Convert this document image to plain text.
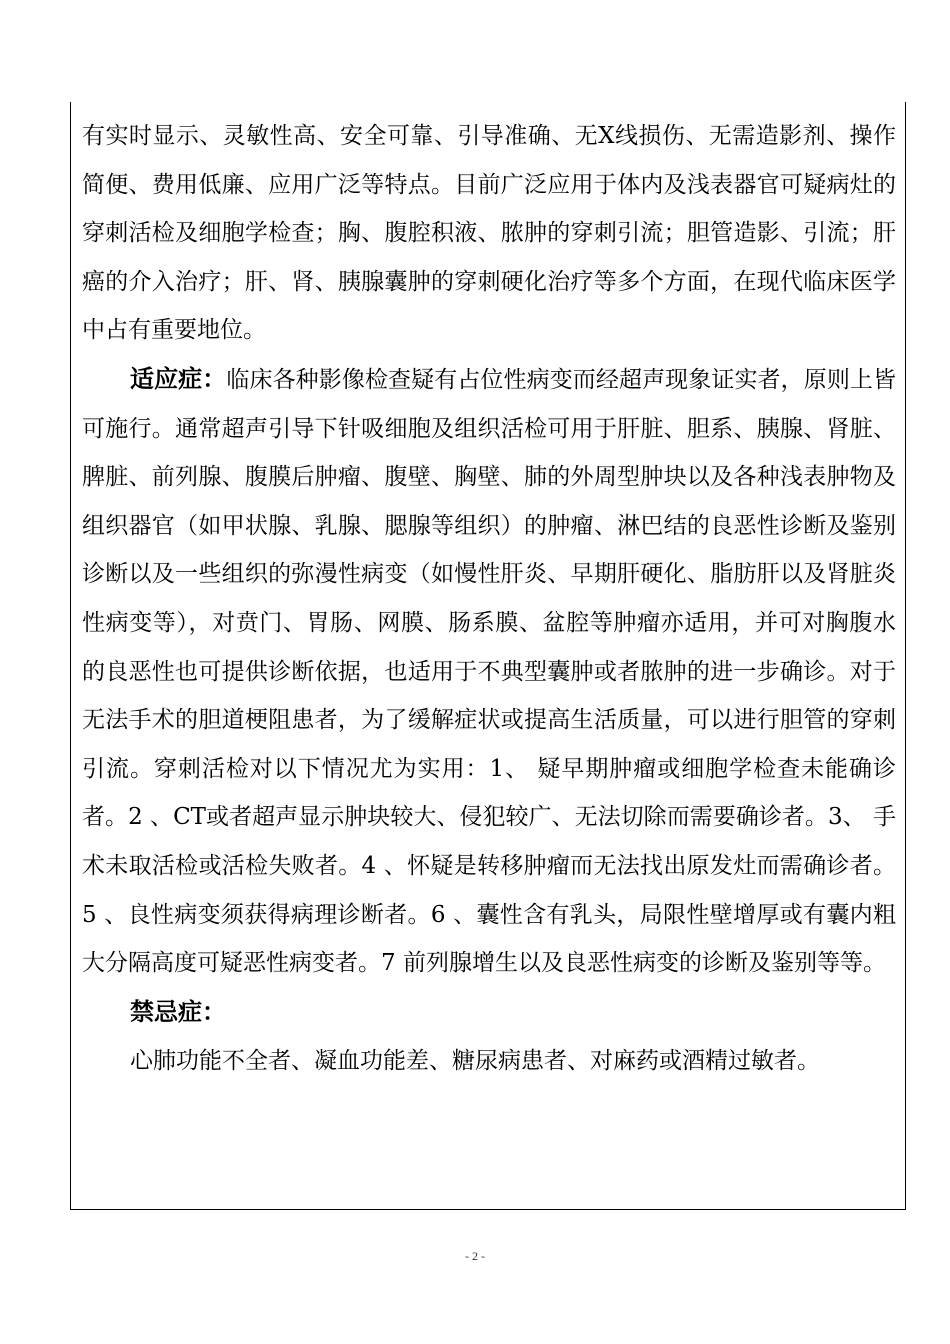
有实时显示、灵敏性高、安全可靠、引导准确、无X线损伤、无需造影剂、操作简便、费用低廉、应用广泛等特点。目前广泛应用于体内及浅表器官可疑病灶的穿刺活检及细胞学检查；胸、腹腔积液、脓肿的穿刺引流；胆管造影、引流；肝癌的介入治疗；肝、肾、胰腺囊肿的穿刺硬化治疗等多个方面，在现代临床医学中占有重要地位。

适应症：临床各种影像检查疑有占位性病变而经超声现象证实者，原则上皆可施行。通常超声引导下针吸细胞及组织活检可用于肝脏、胆系、胰腺、肾脏、脾脏、前列腺、腹膜后肿瘤、腹壁、胸壁、肺的外周型肿块以及各种浅表肿物及组织器官（如甲状腺、乳腺、腮腺等组织）的肿瘤、淋巴结的良恶性诊断及鉴别诊断以及一些组织的弥漫性病变（如慢性肝炎、早期肝硬化、脂肪肝以及肾脏炎性病变等），对贲门、胃肠、网膜、肠系膜、盆腔等肿瘤亦适用，并可对胸腹水的良恶性也可提供诊断依据，也适用于不典型囊肿或者脓肿的进一步确诊。对于无法手术的胆道梗阻患者，为了缓解症状或提高生活质量，可以进行胆管的穿刺引流。穿刺活检对以下情况尤为实用：1、 疑早期肿瘤或细胞学检查未能确诊者。2 、CT或者超声显示肿块较大、侵犯较广、无法切除而需要确诊者。3、 手术未取活检或活检失败者。4 、怀疑是转移肿瘤而无法找出原发灶而需确诊者。5 、良性病变须获得病理诊断者。6 、囊性含有乳头，局限性壁增厚或有囊内粗大分隔高度可疑恶性病变者。7 前列腺增生以及良恶性病变的诊断及鉴别等等。

禁忌症：

心肺功能不全者、凝血功能差、糖尿病患者、对麻药或酒精过敏者。

- 2 -
